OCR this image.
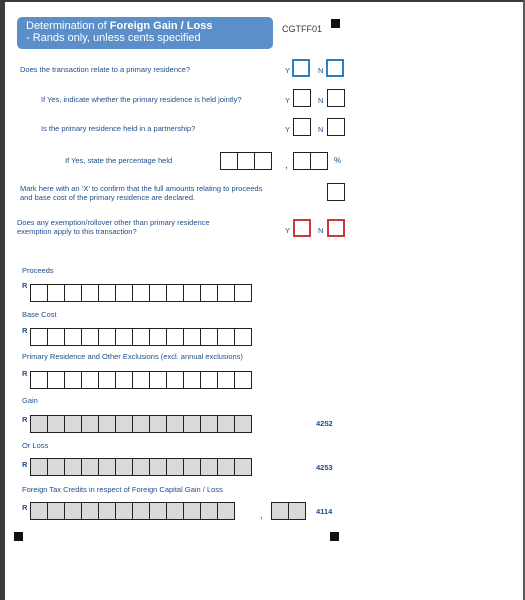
Determination of Foreign Gain / Loss
- Rands only, unless cents specified
CGTFF01
Does the transaction relate to a primary residence?	Y	N
If Yes, indicate whether the primary residence is held jointly?	Y	N
Is the primary residence held in a partnership?	Y	N
If Yes, state the percentage held	,	%
Mark here with an ‘X’ to confirm that the full amounts relating to proceeds
and base cost of the primary residence are declared.
Does any exemption/rollover other than primary residence
exemption apply to this transaction?	Y	N
Proceeds
R
Base Cost
R
Primary Residence and Other Exclusions (excl. annual exclusions)
R
Gain
R	4252
Or Loss
R	4253
Foreign Tax Credits in respect of Foreign Capital Gain / Loss
R
,	4114
